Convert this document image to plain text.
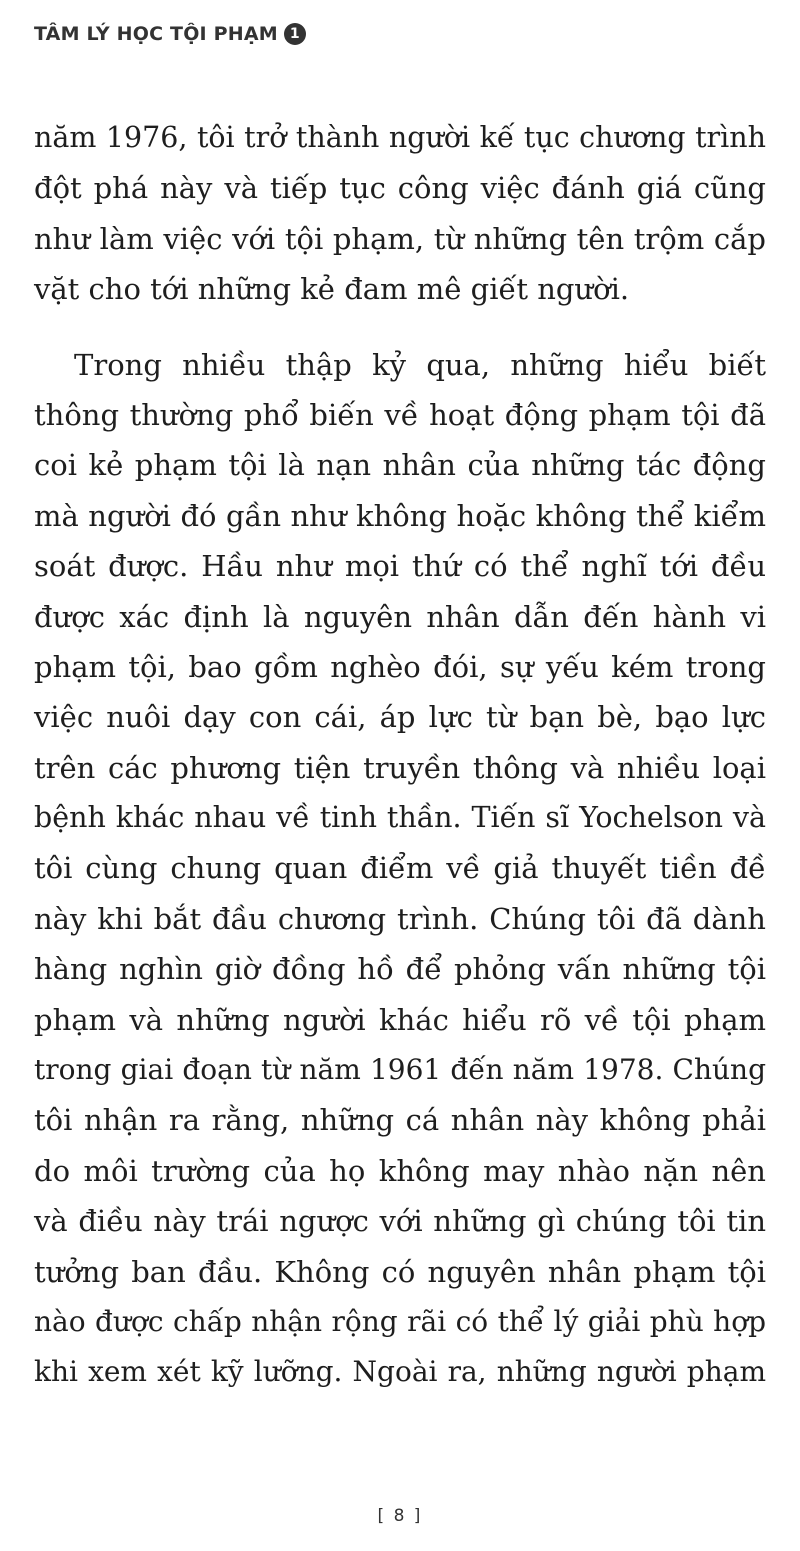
TÂM LÝ HỌC TỘI PHẠM 1
năm 1976, tôi trở thành người kế tục chương trình
đột phá này và tiếp tục công việc đánh giá cũng
như làm việc với tội phạm, từ những tên trộm cắp
vặt cho tới những kẻ đam mê giết người.
Trong nhiều thập kỷ qua, những hiểu biết
thông thường phổ biến về hoạt động phạm tội đã
coi kẻ phạm tội là nạn nhân của những tác động
mà người đó gần như không hoặc không thể kiểm
soát được. Hầu như mọi thứ có thể nghĩ tới đều
được xác định là nguyên nhân dẫn đến hành vi
phạm tội, bao gồm nghèo đói, sự yếu kém trong
việc nuôi dạy con cái, áp lực từ bạn bè, bạo lực
trên các phương tiện truyền thông và nhiều loại
bệnh khác nhau về tinh thần. Tiến sĩ Yochelson và
tôi cùng chung quan điểm về giả thuyết tiền đề
này khi bắt đầu chương trình. Chúng tôi đã dành
hàng nghìn giờ đồng hồ để phỏng vấn những tội
phạm và những người khác hiểu rõ về tội phạm
trong giai đoạn từ năm 1961 đến năm 1978. Chúng
tôi nhận ra rằng, những cá nhân này không phải
do môi trường của họ không may nhào nặn nên
và điều này trái ngược với những gì chúng tôi tin
tưởng ban đầu. Không có nguyên nhân phạm tội
nào được chấp nhận rộng rãi có thể lý giải phù hợp
khi xem xét kỹ lưỡng. Ngoài ra, những người phạm
[ 8 ]
